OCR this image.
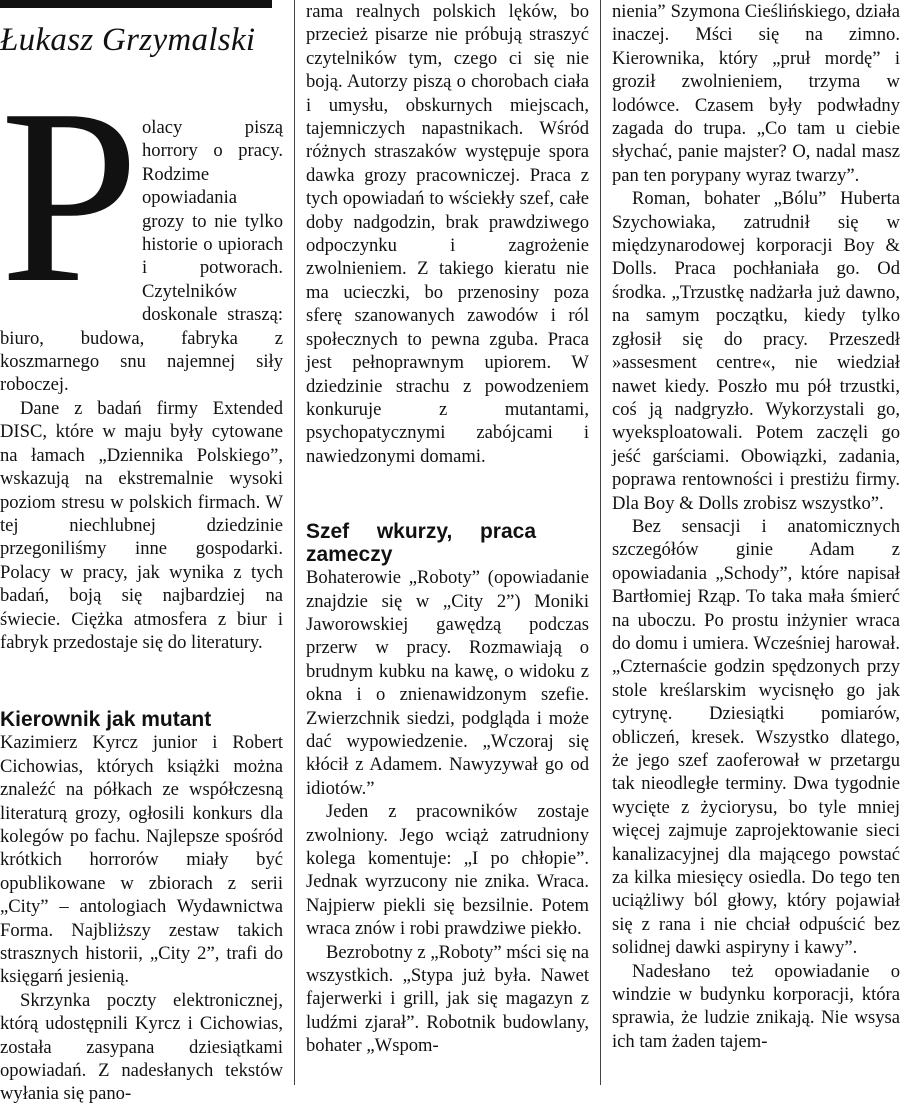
Łukasz Grzymalski
P olacy piszą horrory o pracy. Rodzime opowiadania grozy to nie tylko historie o upiorach i potworach. Czytelników doskonale straszą: biuro, budowa, fabryka z koszmarnego snu najemnej siły roboczej.

Dane z badań firmy Extended DISC, które w maju były cytowane na łamach „Dziennika Polskiego”, wskazują na ekstremalnie wysoki poziom stresu w polskich firmach. W tej niechlubnej dziedzinie przegoniliśmy inne gospodarki. Polacy w pracy, jak wynika z tych badań, boją się najbardziej na świecie. Ciężka atmosfera z biur i fabryk przedostaje się do literatury.

Kierownik jak mutant

Kazimierz Kyrcz junior i Robert Cichowias, których książki można znaleźć na półkach ze współczesną literaturą grozy, ogłosili konkurs dla kolegów po fachu. Najlepsze spośród krótkich horrorów miały być opublikowane w zbiorach z serii „City” – antologiach Wydawnictwa Forma. Najbliższy zestaw takich strasznych historii, „City 2”, trafi do księgarń jesienią.

Skrzynka poczty elektronicznej, którą udostępnili Kyrcz i Cichowias, została zasypana dziesiątkami opowiadań. Z nadesłanych tekstów wyłania się pano-

rama realnych polskich lęków, bo przecież pisarze nie próbują straszyć czytelników tym, czego ci się nie boją. Autorzy piszą o chorobach ciała i umysłu, obskurnych miejscach, tajemniczych napastnikach. Wśród różnych straszaków występuje spora dawka grozy pracowniczej. Praca z tych opowiadań to wściekły szef, całe doby nadgodzin, brak prawdziwego odpoczynku i zagrożenie zwolnieniem. Z takiego kieratu nie ma ucieczki, bo przenosiny poza sferę szanowanych zawodów i ról społecznych to pewna zguba. Praca jest pełnoprawnym upiorem. W dziedzinie strachu z powodzeniem konkuruje z mutantami, psychopatycznymi zabójcami i nawiedzonymi domami.

Szef wkurzy, praca zameczy

Bohaterowie „Roboty” (opowiadanie znajdzie się w „City 2”) Moniki Jaworowskiej gawędzą podczas przerw w pracy. Rozmawiają o brudnym kubku na kawę, o widoku z okna i o znienawidzonym szefie. Zwierzchnik siedzi, podgląda i może dać wypowiedzenie. „Wczoraj się kłócił z Adamem. Nawyzywał go od idiotów.”

Jeden z pracowników zostaje zwolniony. Jego wciąż zatrudniony kolega komentuje: „I po chłopie”. Jednak wyrzucony nie znika. Wraca. Najpierw piekli się bezsilnie. Potem wraca znów i robi prawdziwe piekło.

Bezrobotny z „Roboty” mści się na wszystkich. „Stypa już była. Nawet fajerwerki i grill, jak się magazyn z ludźmi zjarał”. Robotnik budowlany, bohater „Wspom-

nienia” Szymona Cieślińskiego, działa inaczej. Mści się na zimno. Kierownika, który „pruł mordę” i groził zwolnieniem, trzyma w lodówce. Czasem były podwładny zagada do trupa. „Co tam u ciebie słychać, panie majster? O, nadal masz pan ten porypany wyraz twarzy”.

Roman, bohater „Bólu” Huberta Szychowiaka, zatrudnił się w międzynarodowej korporacji Boy & Dolls. Praca pochłaniała go. Od środka. „Trzustkę nadżarła już dawno, na samym początku, kiedy tylko zgłosił się do pracy. Przeszedł »assesment centre«, nie wiedział nawet kiedy. Poszło mu pół trzustki, coś ją nadgryzło. Wykorzystali go, wyeksploatowali. Potem zaczęli go jeść garściami. Obowiązki, zadania, poprawa rentowności i prestiżu firmy. Dla Boy & Dolls zrobisz wszystko”.

Bez sensacji i anatomicznych szczegółów ginie Adam z opowiadania „Schody”, które napisał Bartłomiej Rząp. To taka mała śmierć na uboczu. Po prostu inżynier wraca do domu i umiera. Wcześniej harował. „Czternaście godzin spędzonych przy stole kreślarskim wycisnęło go jak cytrynę. Dziesiątki pomiarów, obliczeń, kresek. Wszystko dlatego, że jego szef zaoferował w przetargu tak nieodległe terminy. Dwa tygodnie wycięte z życiorysu, bo tyle mniej więcej zajmuje zaprojektowanie sieci kanalizacyjnej dla mającego powstać za kilka miesięcy osiedla. Do tego ten uciążliwy ból głowy, który pojawiał się z rana i nie chciał odpuścić bez solidnej dawki aspiryny i kawy”.

Nadesłano też opowiadanie o windzie w budynku korporacji, która sprawia, że ludzie znikają. Nie wsysa ich tam żaden tajem-
